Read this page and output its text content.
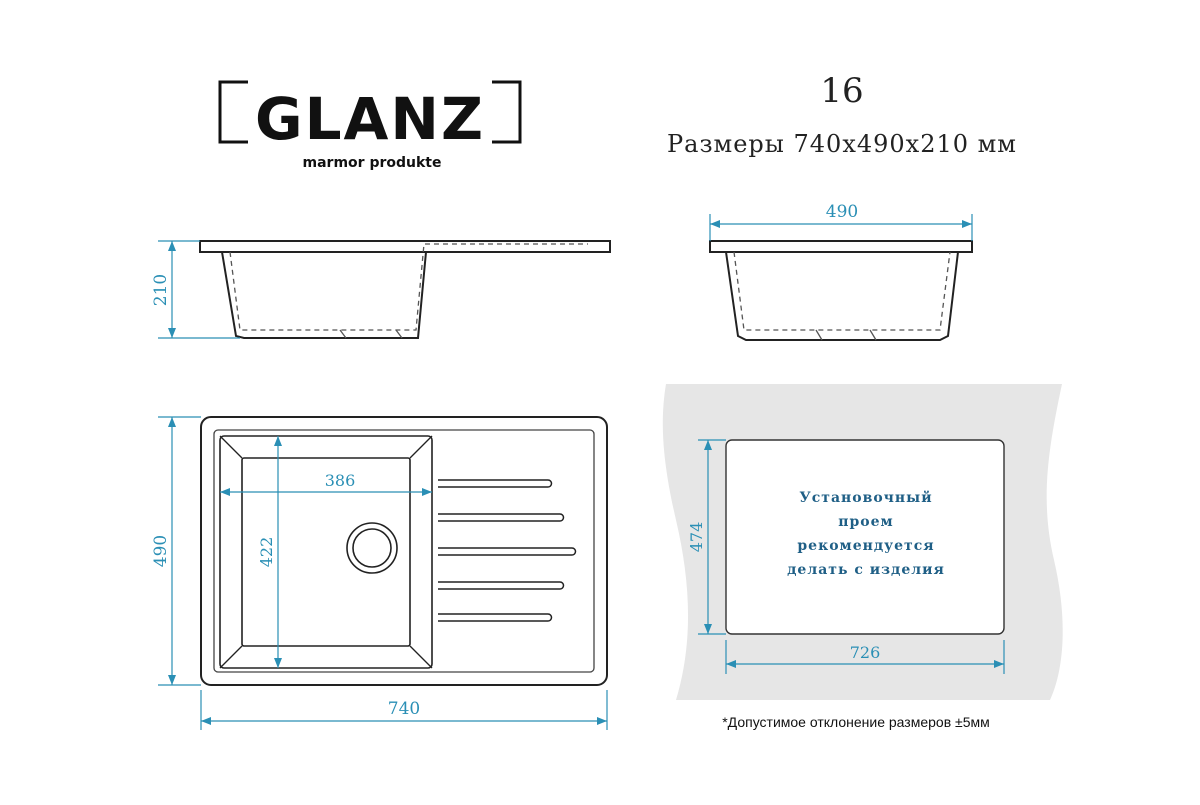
GLANZ
marmor produkte
16
Размеры 740x490x210 мм
210
490
490
740
386
422
Установочный
проем
рекомендуется
делать с изделия
474
726
*Допустимое отклонение размеров ±5мм
